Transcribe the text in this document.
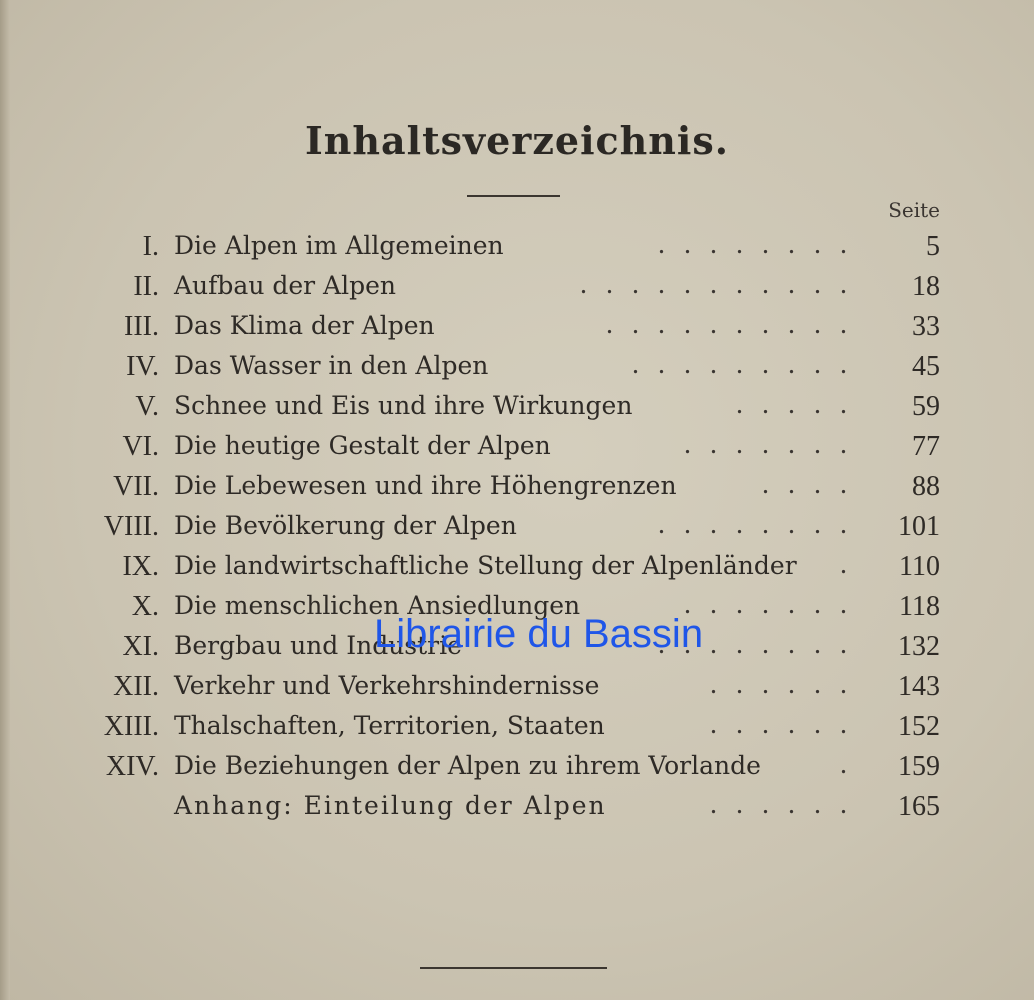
Inhaltsverzeichnis.
Seite
I. Die Alpen im Allgemeinen	........ 5
II. Aufbau der Alpen	........... 18
III. Das Klima der Alpen	.......... 33
IV. Das Wasser in den Alpen	......... 45
V. Schnee und Eis und ihre Wirkungen	..... 59
VI. Die heutige Gestalt der Alpen	....... 77
VII. Die Lebewesen und ihre Höhengrenzen	.... 88
VIII. Die Bevölkerung der Alpen	........ 101
IX. Die landwirtschaftliche Stellung der Alpenländer . 110
X. Die menschlichen Ansiedlungen	....... 118
XI. Bergbau und Industrie	........ 132
XII. Verkehr und Verkehrshindernisse	...... 143
XIII. Thalschaften, Territorien, Staaten	...... 152
XIV. Die Beziehungen der Alpen zu ihrem Vorlande	. 159
Anhang: Einteilung der Alpen	...... 165
Librairie du Bassin
